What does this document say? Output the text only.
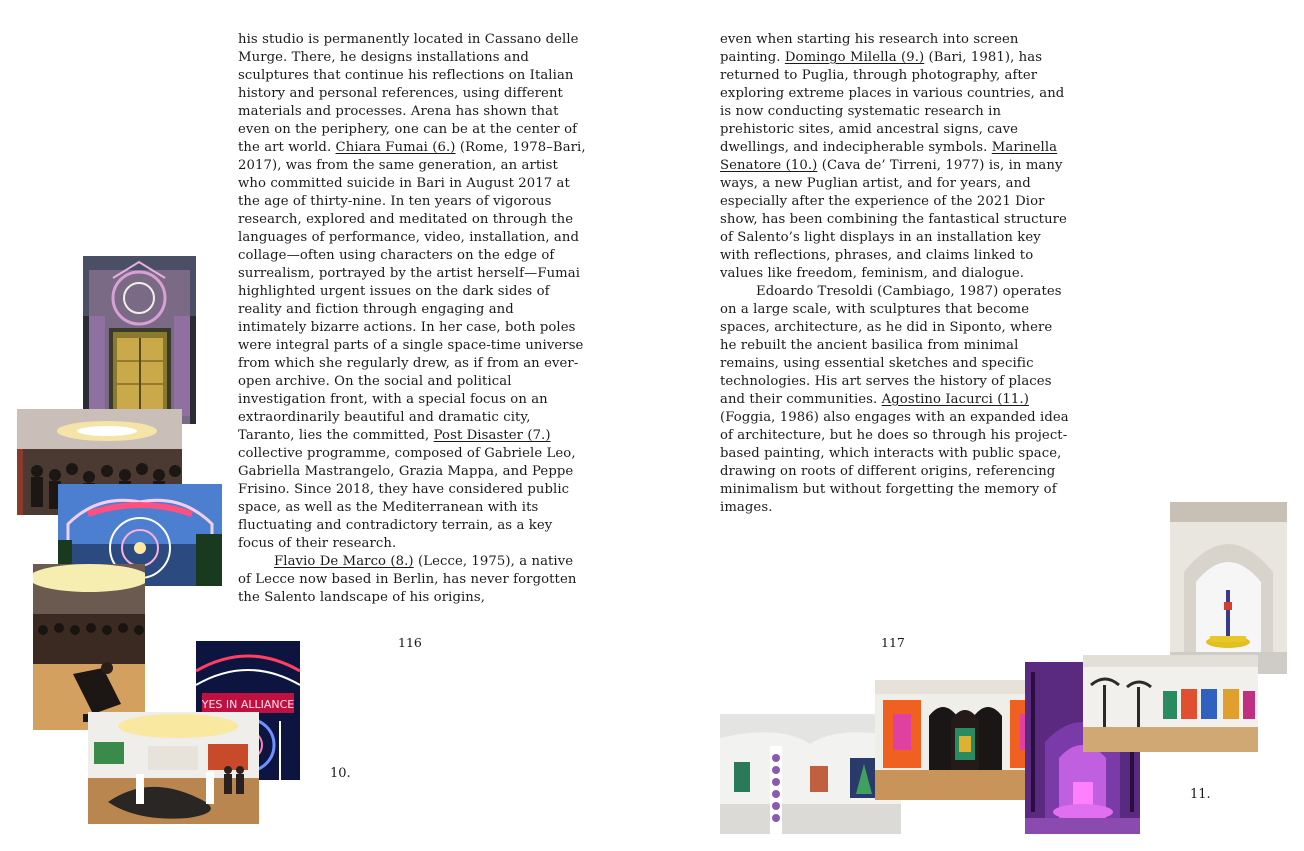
his studio is permanently located in Cassano delle Murge. There, he designs installations and sculptures that continue his reflections on Italian history and personal references, using different materials and processes. Arena has shown that even on the periphery, one can be at the center of the art world. Chiara Fumai (6.) (Rome, 1978–Bari, 2017), was from the same generation, an artist who committed suicide in Bari in August 2017 at the age of thirty-nine. In ten years of vigorous research, explored and meditated on through the languages of performance, video, installation, and collage—often using characters on the edge of surrealism, portrayed by the artist herself—Fumai highlighted urgent issues on the dark sides of reality and fiction through engaging and intimately bizarre actions. In her case, both poles were integral parts of a single space-time universe from which she regularly drew, as if from an ever-open archive. On the social and political investigation front, with a special focus on an extraordinarily beautiful and dramatic city, Taranto, lies the committed, Post Disaster (7.) collective programme, composed of Gabriele Leo, Gabriella Mastrangelo, Grazia Mappa, and Peppe Frisino. Since 2018, they have considered public space, as well as the Mediterranean with its fluctuating and contradictory terrain, as a key focus of their research.

Flavio De Marco (8.) (Lecce, 1975), a native of Lecce now based in Berlin, has never forgotten the Salento landscape of his origins,

116

even when starting his research into screen painting. Domingo Milella (9.) (Bari, 1981), has returned to Puglia, through photography, after exploring extreme places in various countries, and is now conducting systematic research in prehistoric sites, amid ancestral signs, cave dwellings, and indecipherable symbols. Marinella Senatore (10.) (Cava de’ Tirreni, 1977) is, in many ways, a new Puglian artist, and for years, and especially after the experience of the 2021 Dior show, has been combining the fantastical structure of Salento’s light displays in an installation key with reflections, phrases, and claims linked to values like freedom, feminism, and dialogue.

Edoardo Tresoldi (Cambiago, 1987) operates on a large scale, with sculptures that become spaces, architecture, as he did in Siponto, where he rebuilt the ancient basilica from minimal remains, using essential sketches and specific technologies. His art serves the history of places and their communities. Agostino Iacurci (11.) (Foggia, 1986) also engages with an expanded idea of architecture, but he does so through his project-based painting, which interacts with public space, drawing on roots of different origins, referencing minimalism but without forgetting the memory of images.

117
YES IN ALLIANCE
10.
11.
